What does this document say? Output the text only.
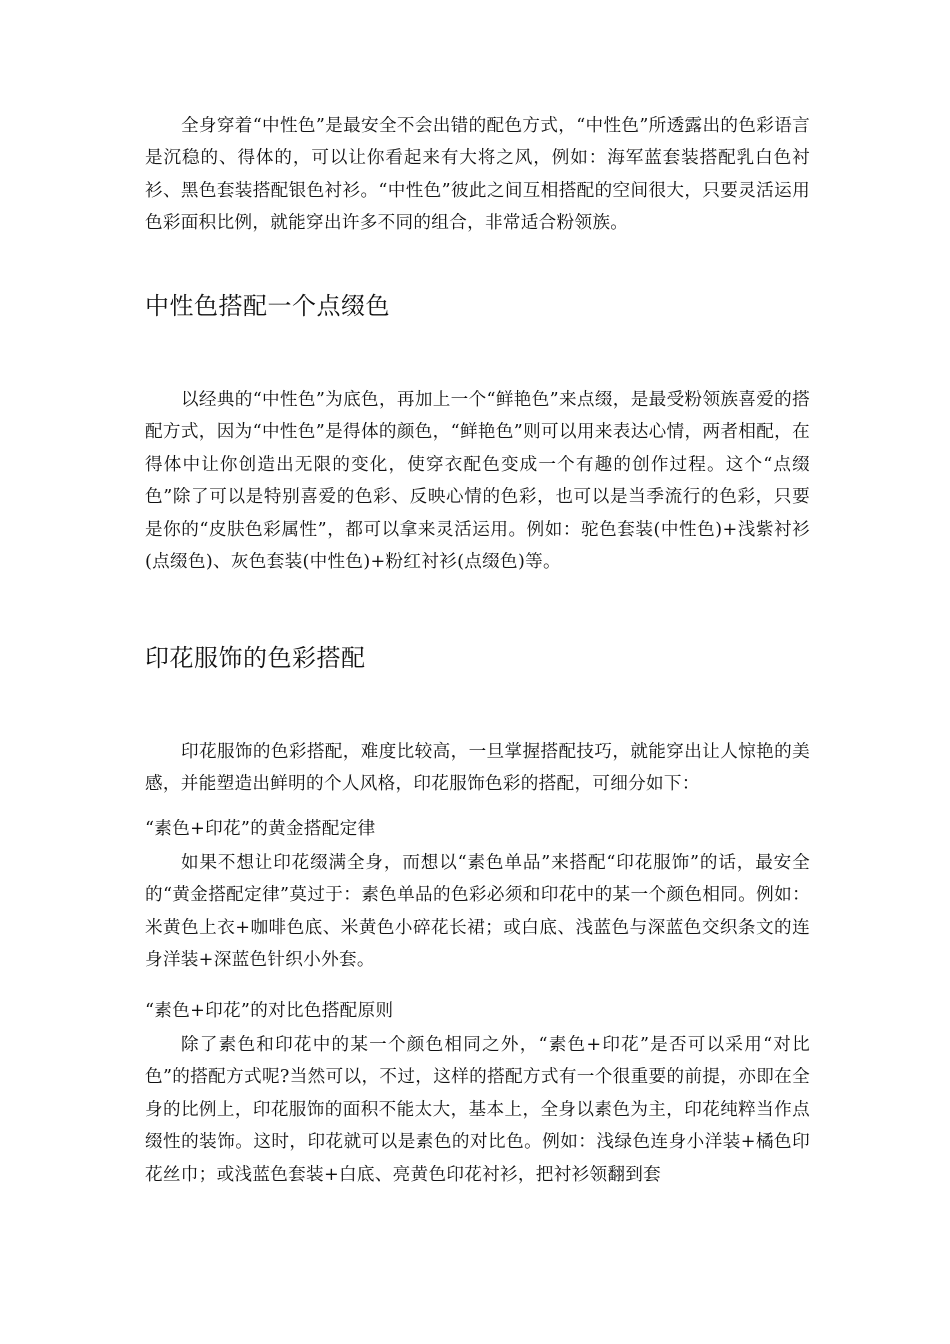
全身穿着“中性色”是最安全不会出错的配色方式，“中性色”所透露出的色彩语言是沉稳的、得体的，可以让你看起来有大将之风，例如：海军蓝套装搭配乳白色衬衫、黑色套装搭配银色衬衫。“中性色”彼此之间互相搭配的空间很大，只要灵活运用色彩面积比例，就能穿出许多不同的组合，非常适合粉领族。

中性色搭配一个点缀色

以经典的“中性色”为底色，再加上一个“鲜艳色”来点缀，是最受粉领族喜爱的搭配方式，因为“中性色”是得体的颜色，“鲜艳色”则可以用来表达心情，两者相配，在得体中让你创造出无限的变化，使穿衣配色变成一个有趣的创作过程。这个“点缀色”除了可以是特别喜爱的色彩、反映心情的色彩，也可以是当季流行的色彩，只要是你的“皮肤色彩属性”，都可以拿来灵活运用。例如：驼色套装(中性色)+浅紫衬衫(点缀色)、灰色套装(中性色)+粉红衬衫(点缀色)等。

印花服饰的色彩搭配

印花服饰的色彩搭配，难度比较高，一旦掌握搭配技巧，就能穿出让人惊艳的美感，并能塑造出鲜明的个人风格，印花服饰色彩的搭配，可细分如下：

“素色+印花”的黄金搭配定律

如果不想让印花缀满全身，而想以“素色单品”来搭配“印花服饰”的话，最安全的“黄金搭配定律”莫过于：素色单品的色彩必须和印花中的某一个颜色相同。例如：米黄色上衣+咖啡色底、米黄色小碎花长裙；或白底、浅蓝色与深蓝色交织条文的连身洋装+深蓝色针织小外套。

“素色+印花”的对比色搭配原则

除了素色和印花中的某一个颜色相同之外，“素色+印花”是否可以采用“对比色”的搭配方式呢?当然可以，不过，这样的搭配方式有一个很重要的前提，亦即在全身的比例上，印花服饰的面积不能太大，基本上，全身以素色为主，印花纯粹当作点缀性的装饰。这时，印花就可以是素色的对比色。例如：浅绿色连身小洋装+橘色印花丝巾；或浅蓝色套装+白底、亮黄色印花衬衫，把衬衫领翻到套
